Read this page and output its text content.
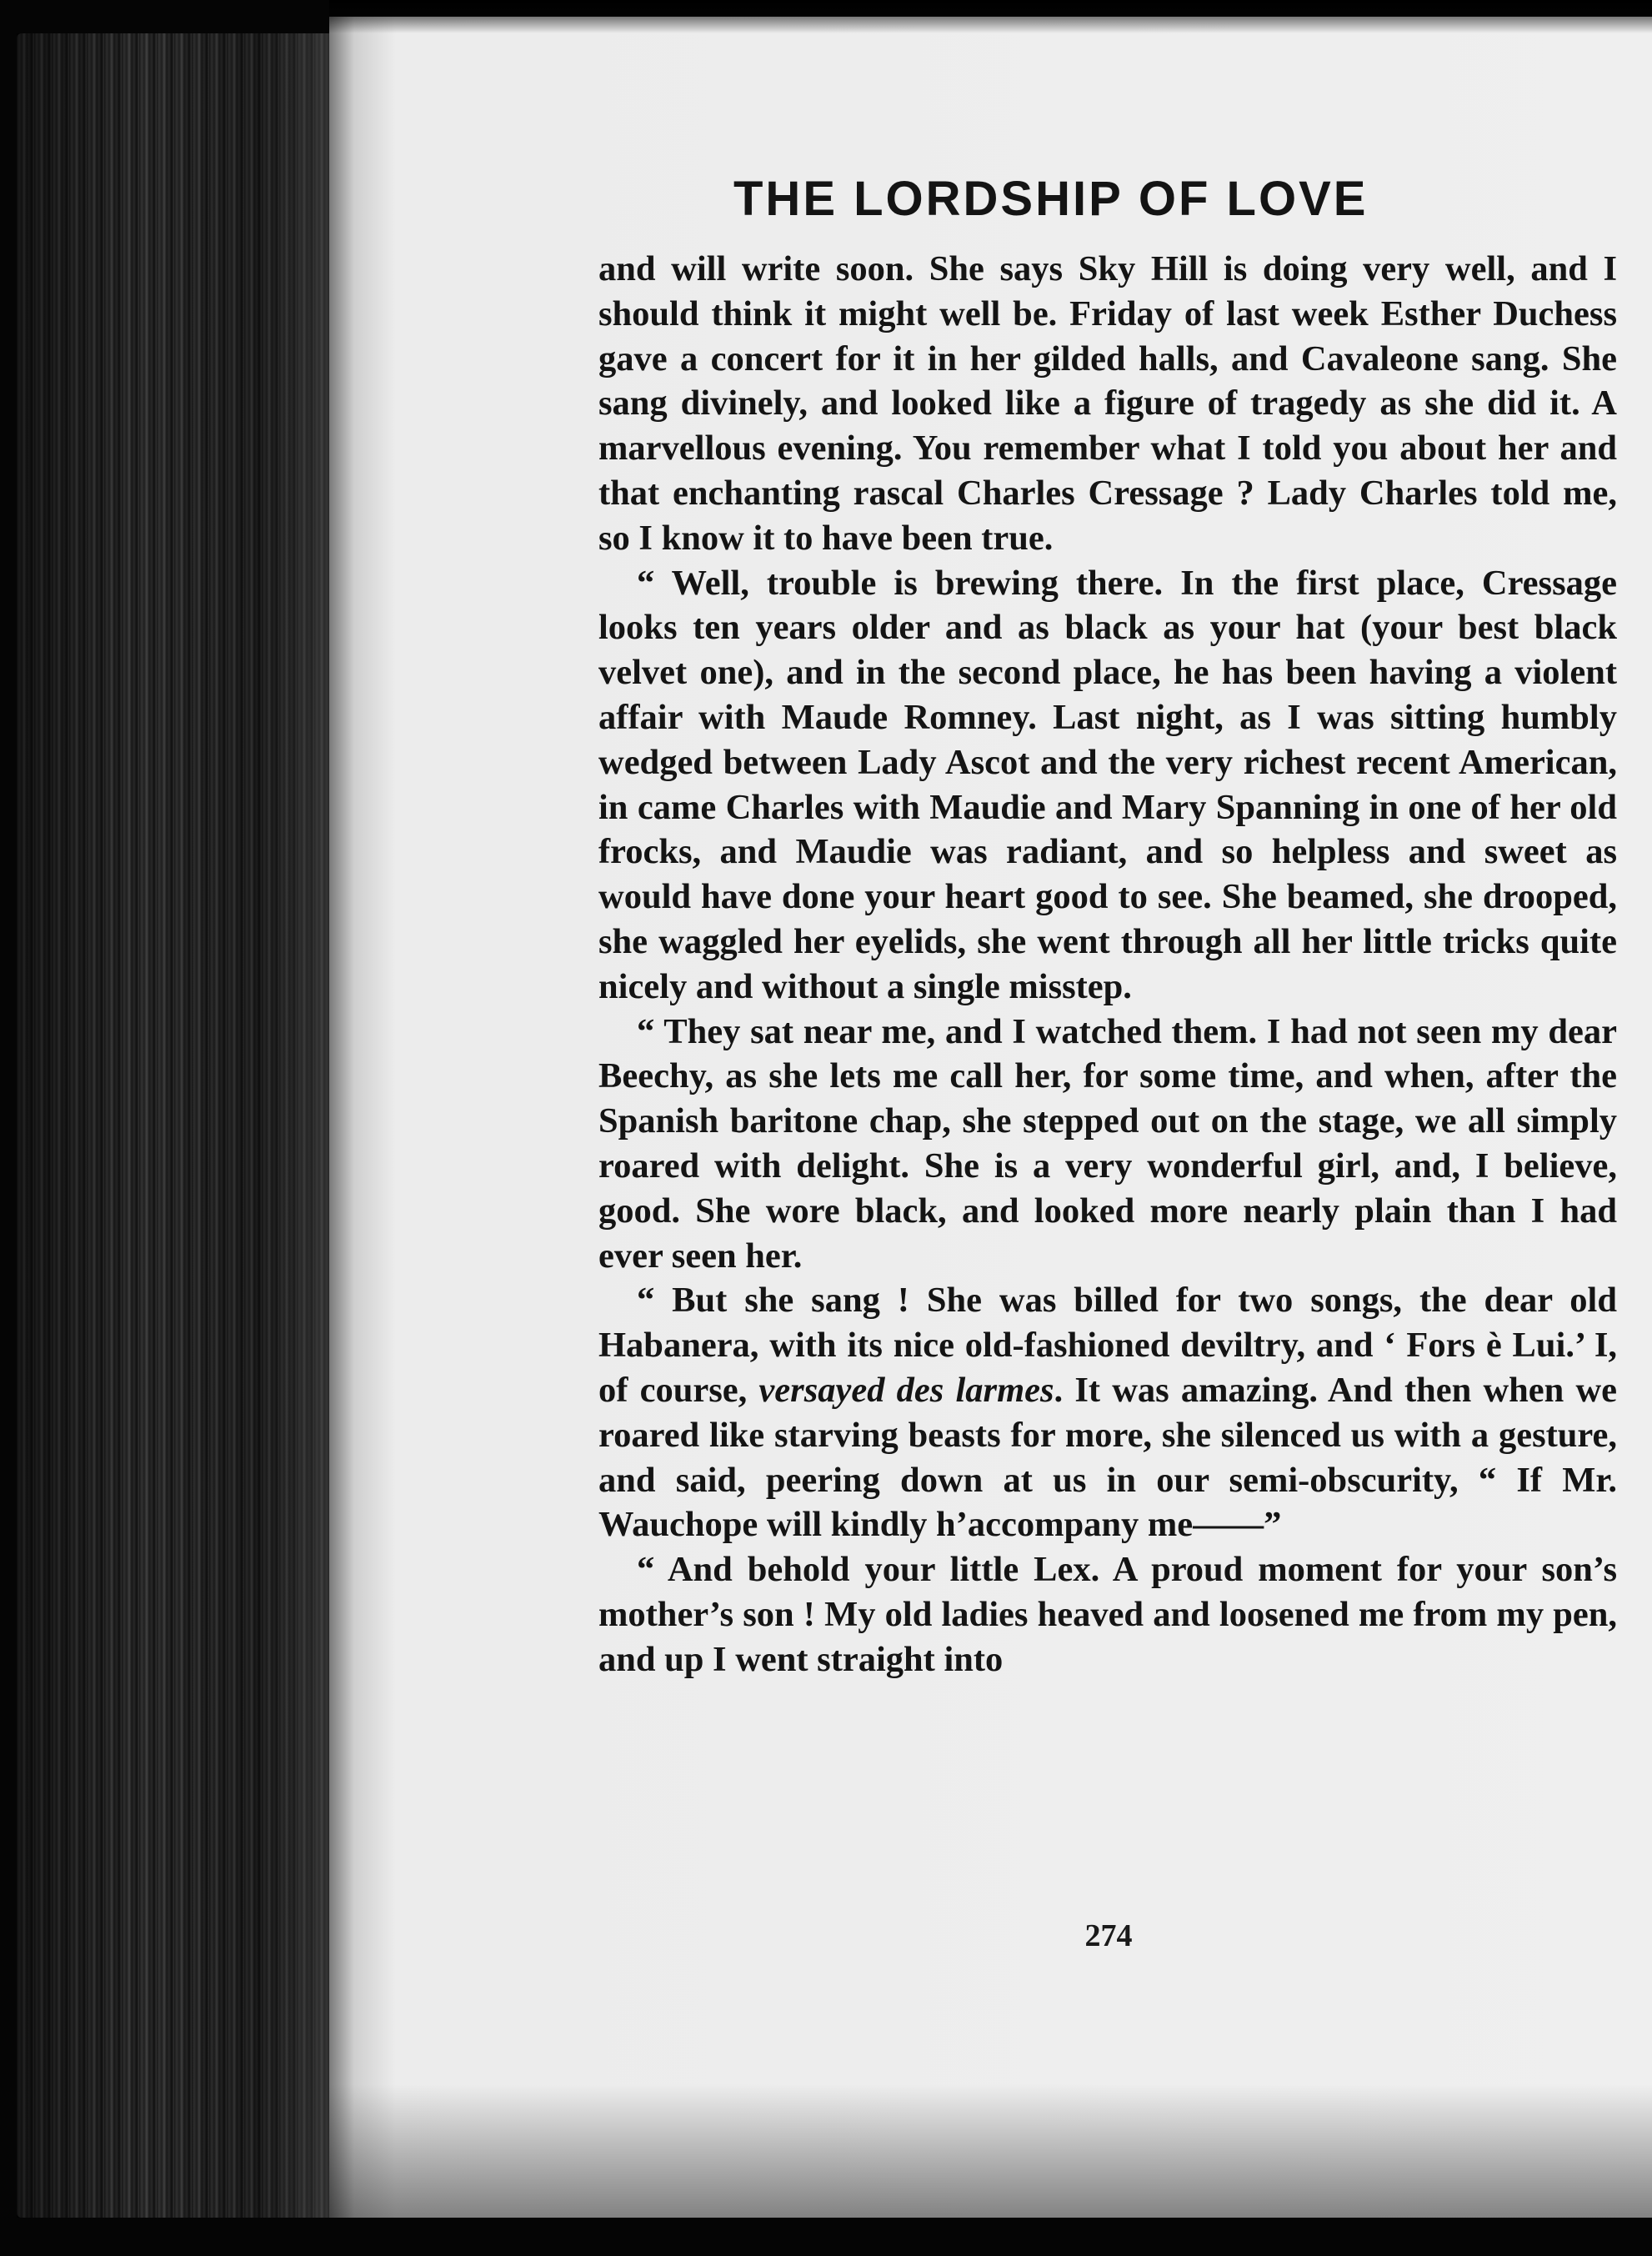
THE LORDSHIP OF LOVE

and will write soon. She says Sky Hill is doing very well, and I should think it might well be. Friday of last week Esther Duchess gave a concert for it in her gilded halls, and Cavaleone sang. She sang divinely, and looked like a figure of tragedy as she did it. A marvellous evening. You remember what I told you about her and that enchanting rascal Charles Cressage ? Lady Charles told me, so I know it to have been true.

“ Well, trouble is brewing there. In the first place, Cressage looks ten years older and as black as your hat (your best black velvet one), and in the second place, he has been having a violent affair with Maude Romney. Last night, as I was sitting humbly wedged between Lady Ascot and the very richest recent American, in came Charles with Maudie and Mary Spanning in one of her old frocks, and Maudie was radiant, and so helpless and sweet as would have done your heart good to see. She beamed, she drooped, she waggled her eyelids, she went through all her little tricks quite nicely and without a single misstep.

“ They sat near me, and I watched them. I had not seen my dear Beechy, as she lets me call her, for some time, and when, after the Spanish baritone chap, she stepped out on the stage, we all simply roared with delight. She is a very wonderful girl, and, I believe, good. She wore black, and looked more nearly plain than I had ever seen her.

“ But she sang ! She was billed for two songs, the dear old Habanera, with its nice old-fashioned deviltry, and ‘ Fors è Lui.’ I, of course, versayed des larmes. It was amazing. And then when we roared like starving beasts for more, she silenced us with a gesture, and said, peering down at us in our semi-obscurity, “ If Mr. Wauchope will kindly h’accompany me——”

“ And behold your little Lex. A proud moment for your son’s mother’s son ! My old ladies heaved and loosened me from my pen, and up I went straight into

274
